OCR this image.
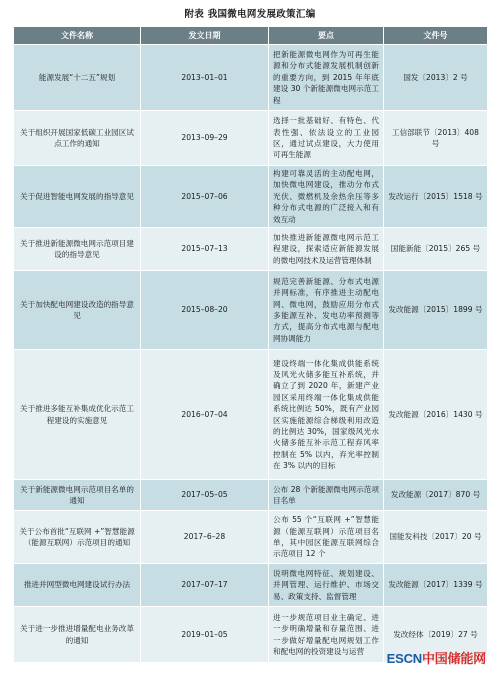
附表 我国微电网发展政策汇编
文件名称	发文日期	要点	文件号
能源发展“十二五”规划	2013–01–01	把新能源微电网作为可再生能源和分布式能源发展机制创新的重要方向，到 2015 年年底建设 30 个新能源微电网示范工程	国发〔2013〕2 号
关于组织开展国家低碳工业园区试点工作的通知	2013–09–29	选择一批基础好、有特色、代表性强、依法设立的工业园区，通过试点建设，大力使用可再生能源	工信部联节〔2013〕408 号
关于促进智能电网发展的指导意见	2015–07–06	构建可靠灵活的主动配电网，加快微电网建设，推动分布式光伏、微燃机及余热余压等多种分布式电源的广泛接入和有效互动	发改运行〔2015〕1518 号
关于推进新能源微电网示范项目建设的指导意见	2015–07–13	加快推进新能源微电网示范工程建设，探索适应新能源发展的微电网技术及运营管理体制	国能新能〔2015〕265 号
关于加快配电网建设改造的指导意见	2015–08–20	规范完善新能源、分布式电源并网标准，有序推进主动配电网、微电网，鼓励应用分布式多能源互补、发电功率预测等方式，提高分布式电源与配电网协调能力	发改能源〔2015〕1899 号
关于推进多能互补集成优化示范工程建设的实施意见	2016–07–04	建设终端一体化集成供能系统及风光火储多能互补系统，并确立了到 2020 年，新建产业园区采用终端一体化集成供能系统比例达 50%，既有产业园区实施能源综合梯级利用改造的比例达 30%，国家级风光水火储多能互补示范工程弃风率控制在 5% 以内，弃光率控制在 3% 以内的目标	发改能源〔2016〕1430 号
关于新能源微电网示范项目名单的通知	2017–05–05	公布 28 个新能源微电网示范项目名单	发改能源〔2017〕870 号
关于公布首批“互联网 +”智慧能源（能源互联网）示范项目的通知	2017–6–28	公布 55 个“互联网 +”智慧能源（能源互联网）示范项目名单，其中园区能源互联网综合示范项目 12 个	国能发科技〔2017〕20 号
推进并网型微电网建设试行办法	2017–07–17	说明微电网特征、规划建设、并网管理、运行维护、市场交易、政策支持、监督管理	发改能源〔2017〕1339 号
关于进一步推进增量配电业务改革的通知	2019–01–05	进一步规范项目业主确定、进一步明确增量和存量范围、进一步做好增量配电网规划工作和配电网的投资建设与运营	发改经体〔2019〕27 号
ESCN中国储能网
